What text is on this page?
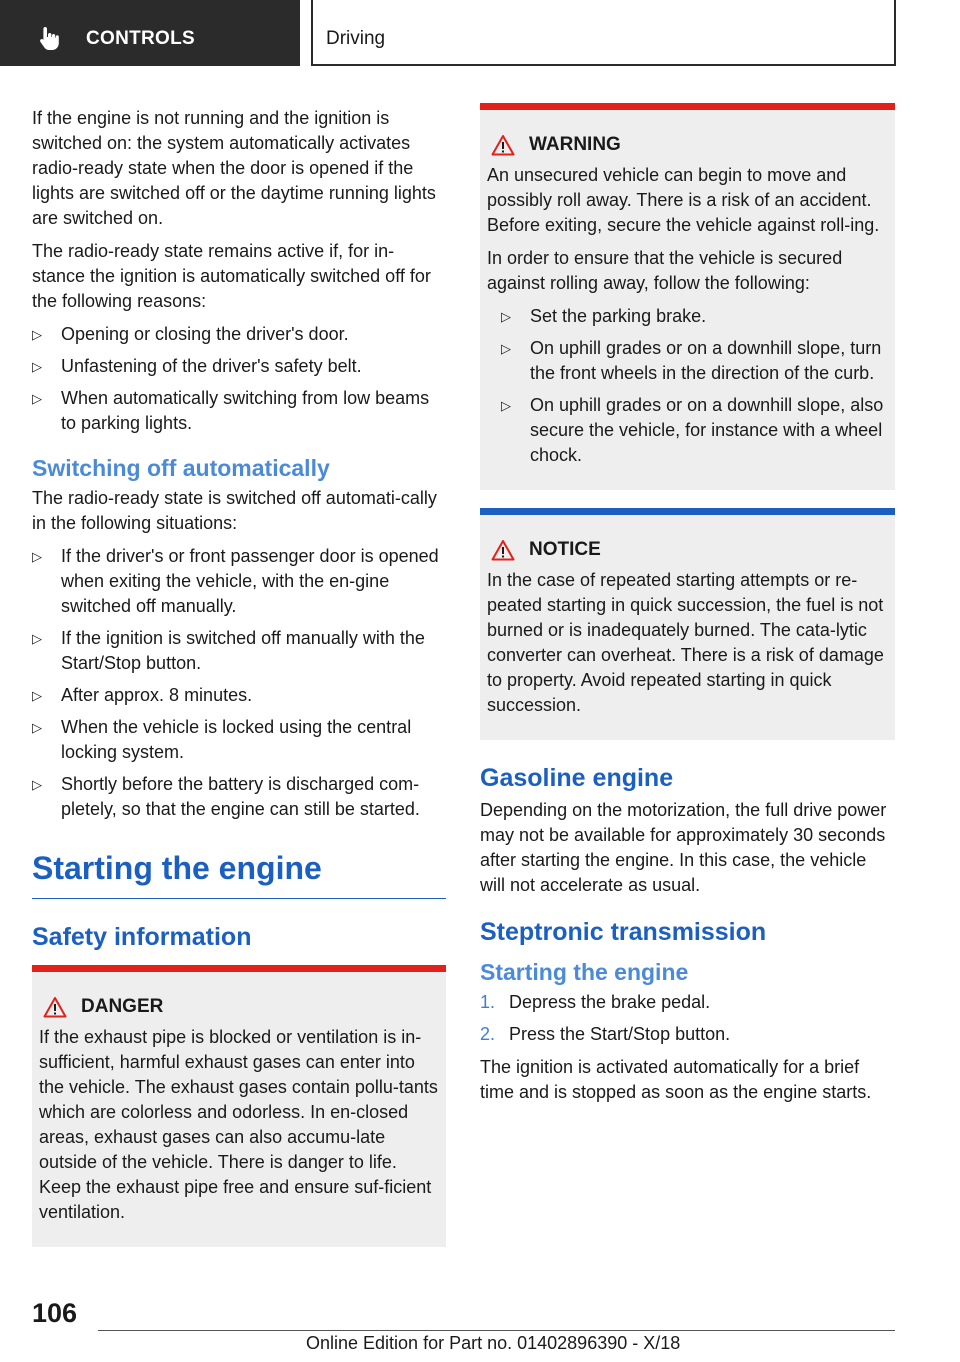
CONTROLS	Driving

If the engine is not running and the ignition is switched on: the system automatically activates radio-ready state when the door is opened if the lights are switched off or the daytime running lights are switched on.

The radio-ready state remains active if, for in-stance the ignition is automatically switched off for the following reasons:

▷ Opening or closing the driver's door.
▷ Unfastening of the driver's safety belt.
▷ When automatically switching from low beams to parking lights.
Switching off automatically

The radio-ready state is switched off automati-cally in the following situations:

▷ If the driver's or front passenger door is opened when exiting the vehicle, with the en-gine switched off manually.
▷ If the ignition is switched off manually with the Start/Stop button.
▷ After approx. 8 minutes.
▷ When the vehicle is locked using the central locking system.
▷ Shortly before the battery is discharged com-pletely, so that the engine can still be started.
Starting the engine
Safety information
DANGER

If the exhaust pipe is blocked or ventilation is in-sufficient, harmful exhaust gases can enter into the vehicle. The exhaust gases contain pollu-tants which are colorless and odorless. In en-closed areas, exhaust gases can also accumu-late outside of the vehicle. There is danger to life. Keep the exhaust pipe free and ensure suf-ficient ventilation.

WARNING

An unsecured vehicle can begin to move and possibly roll away. There is a risk of an accident. Before exiting, secure the vehicle against roll-ing.

In order to ensure that the vehicle is secured against rolling away, follow the following:

▷ Set the parking brake.
▷ On uphill grades or on a downhill slope, turn the front wheels in the direction of the curb.
▷ On uphill grades or on a downhill slope, also secure the vehicle, for instance with a wheel chock.
NOTICE

In the case of repeated starting attempts or re-peated starting in quick succession, the fuel is not burned or is inadequately burned. The cata-lytic converter can overheat. There is a risk of damage to property. Avoid repeated starting in quick succession.

Gasoline engine

Depending on the motorization, the full drive power may not be available for approximately 30 seconds after starting the engine. In this case, the vehicle will not accelerate as usual.

Steptronic transmission
Starting the engine
1. Depress the brake pedal.
2. Press the Start/Stop button.

The ignition is activated automatically for a brief time and is stopped as soon as the engine starts.

106
Online Edition for Part no. 01402896390 - X/18
